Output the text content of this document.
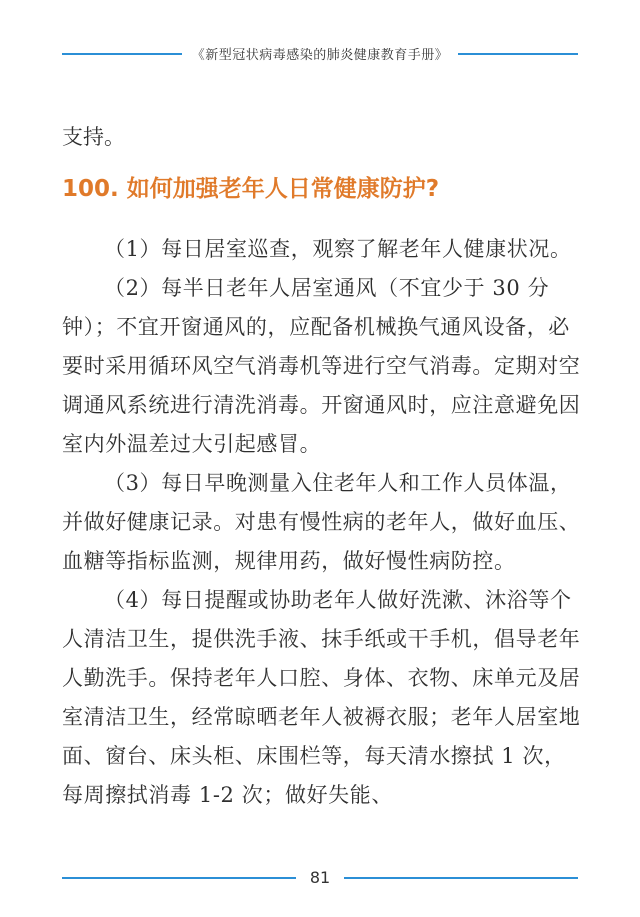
《新型冠状病毒感染的肺炎健康教育手册》
支持。
100. 如何加强老年人日常健康防护?

（1）每日居室巡查，观察了解老年人健康状况。

（2）每半日老年人居室通风（不宜少于 30 分钟）；不宜开窗通风的，应配备机械换气通风设备，必要时采用循环风空气消毒机等进行空气消毒。定期对空调通风系统进行清洗消毒。开窗通风时，应注意避免因室内外温差过大引起感冒。

（3）每日早晚测量入住老年人和工作人员体温，并做好健康记录。对患有慢性病的老年人，做好血压、血糖等指标监测，规律用药，做好慢性病防控。

（4）每日提醒或协助老年人做好洗漱、沐浴等个人清洁卫生，提供洗手液、抹手纸或干手机，倡导老年人勤洗手。保持老年人口腔、身体、衣物、床单元及居室清洁卫生，经常晾晒老年人被褥衣服；老年人居室地面、窗台、床头柜、床围栏等，每天清水擦拭 1 次，每周擦拭消毒 1-2 次；做好失能、

81
